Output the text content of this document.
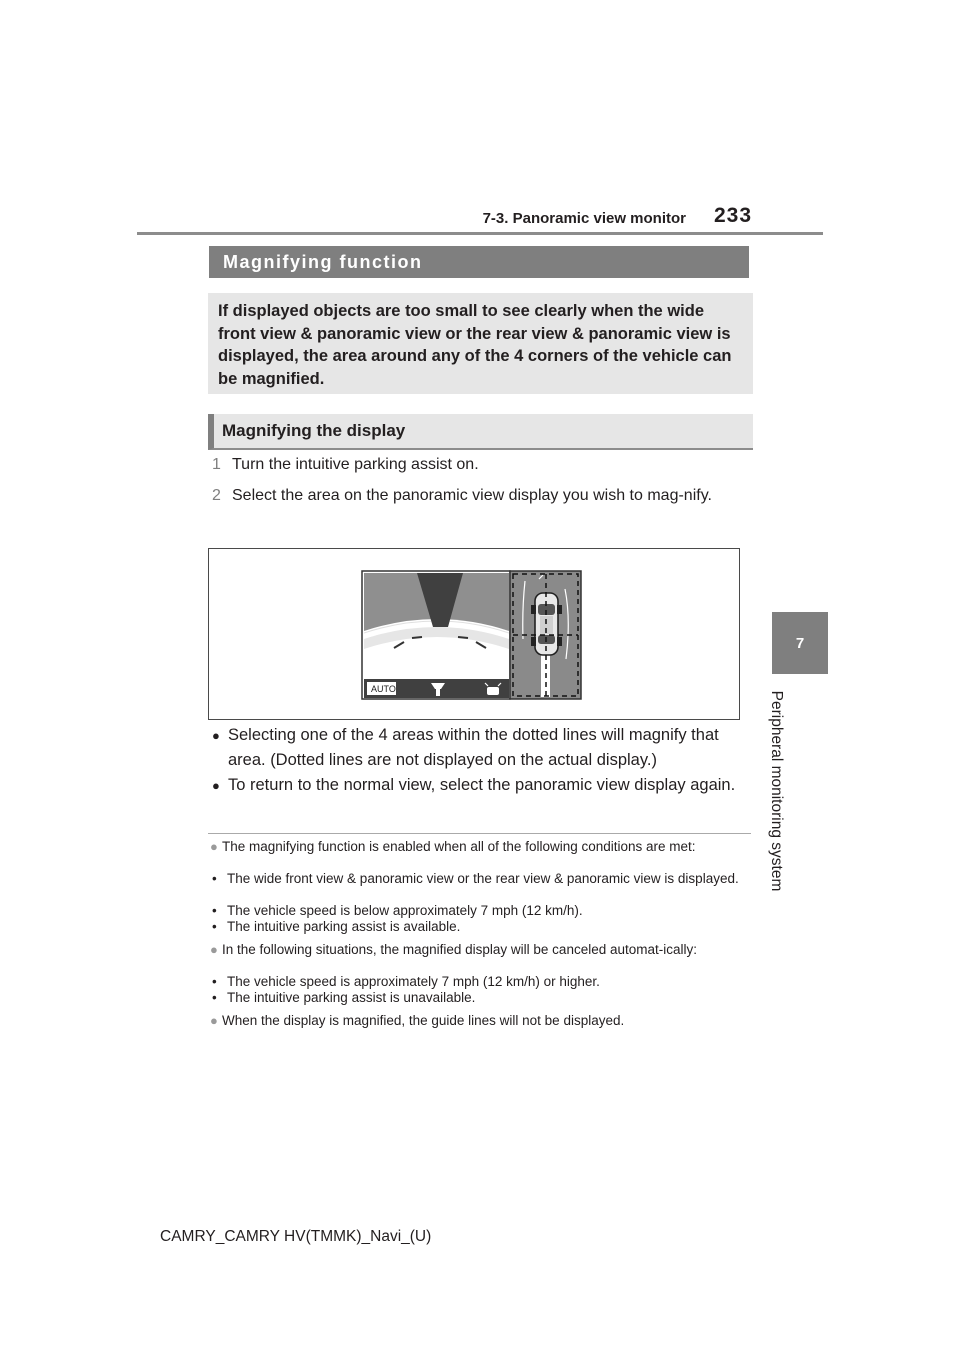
7-3. Panoramic view monitor 233
7
Peripheral monitoring system
Magnifying function
If displayed objects are too small to see clearly when the wide front view & panoramic view or the rear view & panoramic view is displayed, the area around any of the 4 corners of the vehicle can be magnified.
Magnifying the display
1 Turn the intuitive parking assist on.
2 Select the area on the panoramic view display you wish to mag-nify.
AUTO
● Selecting one of the 4 areas within the dotted lines will magnify that area. (Dotted lines are not displayed on the actual display.)
● To return to the normal view, select the panoramic view display again.
● The magnifying function is enabled when all of the following conditions are met:
• The wide front view & panoramic view or the rear view & panoramic view is displayed.
• The vehicle speed is below approximately 7 mph (12 km/h).
• The intuitive parking assist is available.
● In the following situations, the magnified display will be canceled automat-ically:
• The vehicle speed is approximately 7 mph (12 km/h) or higher.
• The intuitive parking assist is unavailable.
● When the display is magnified, the guide lines will not be displayed.
CAMRY_CAMRY HV(TMMK)_Navi_(U)
